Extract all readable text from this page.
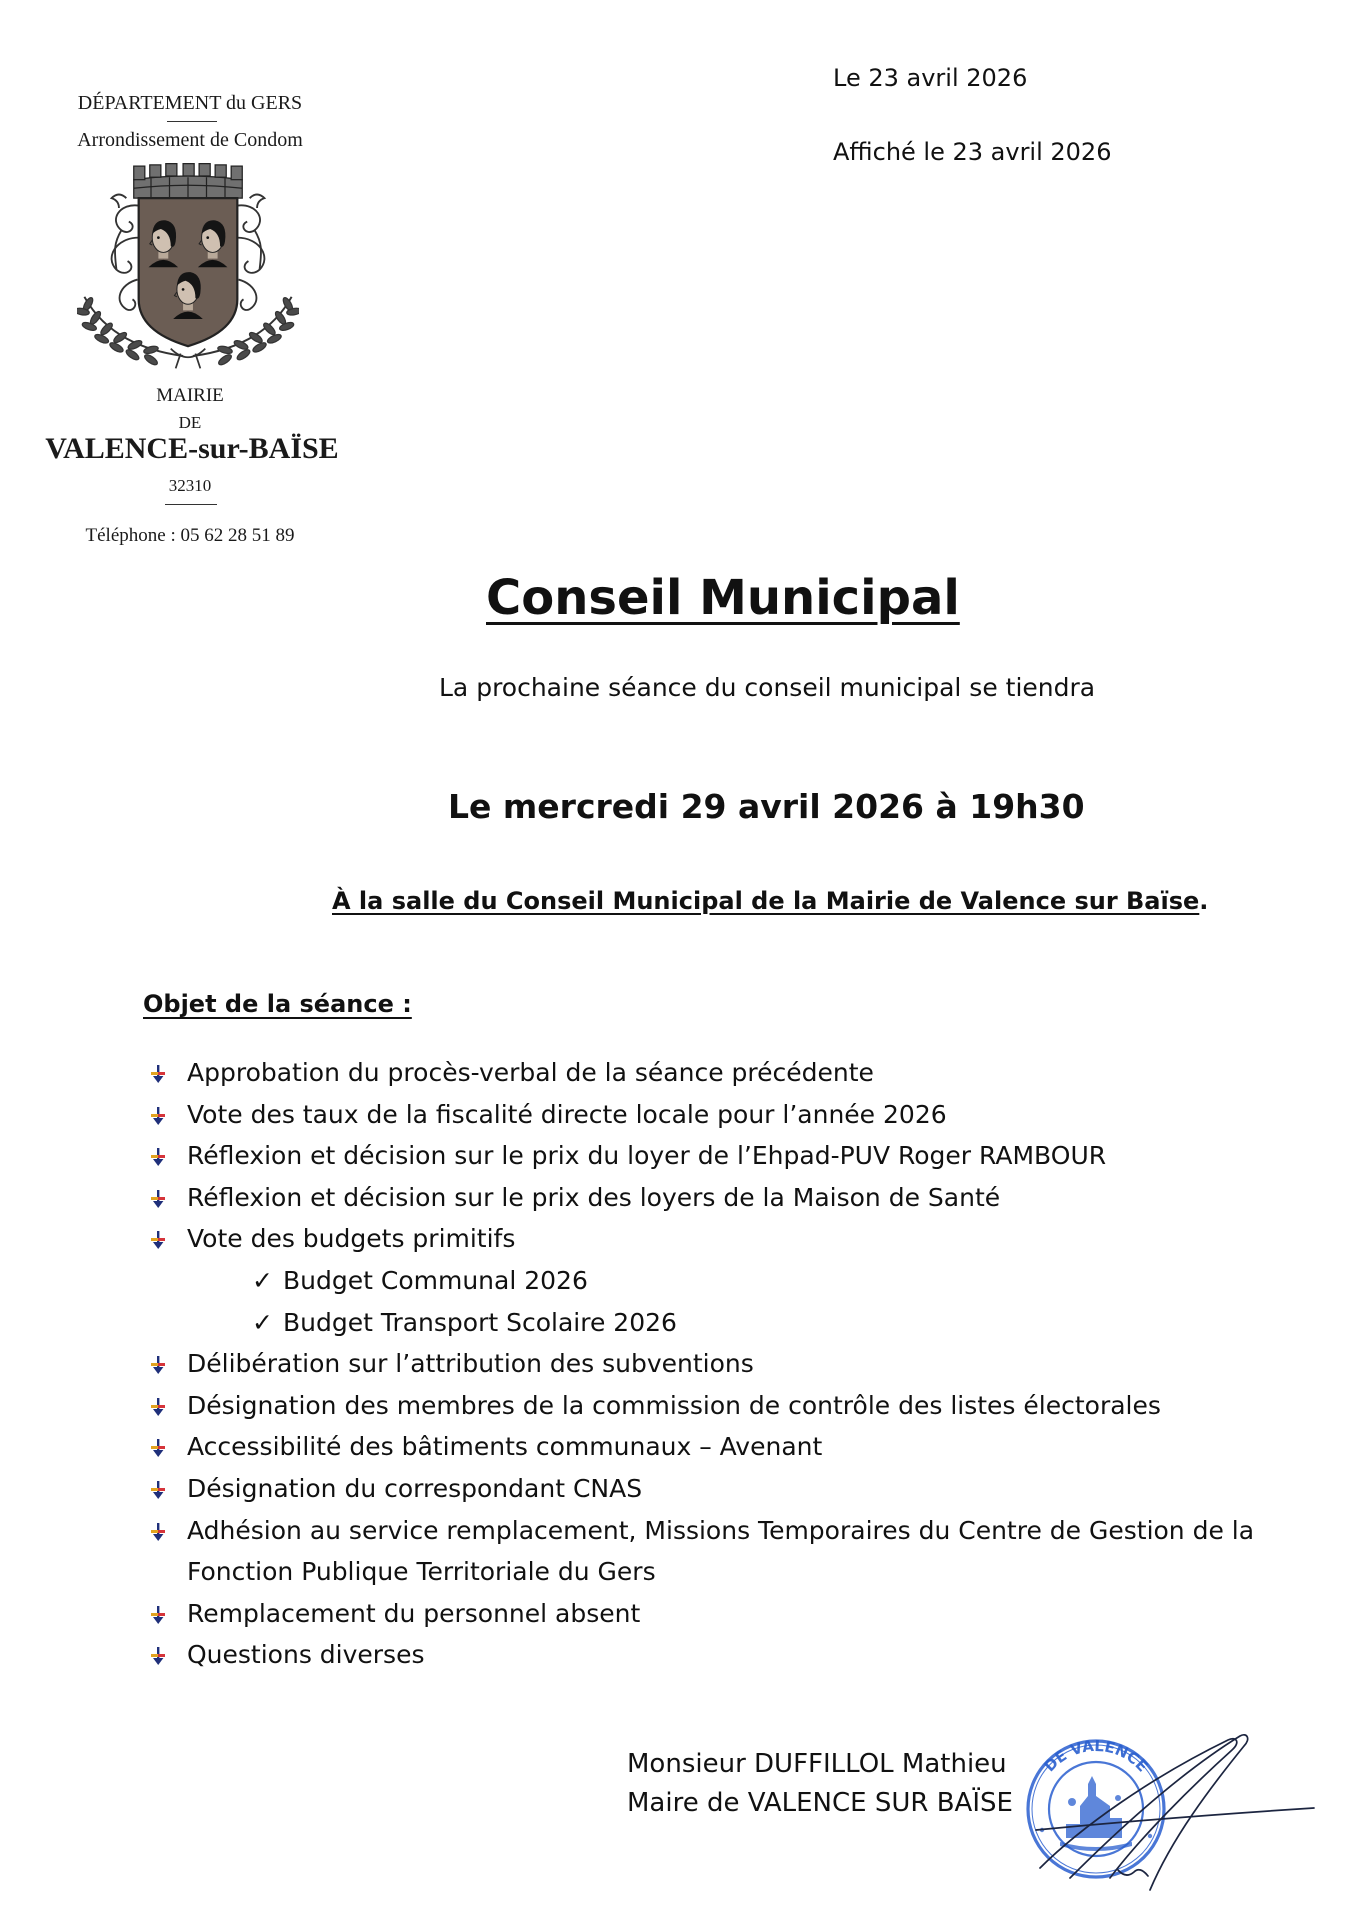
DÉPARTEMENT du GERS
Arrondissement de Condom
MAIRIE
DE
VALENCE-sur-BAÏSE
32310
Téléphone : 05 62 28 51 89
Le 23 avril 2026
Affiché le 23 avril 2026
Conseil Municipal
La prochaine séance du conseil municipal se tiendra
Le mercredi 29 avril 2026 à 19h30
À la salle du Conseil Municipal de la Mairie de Valence sur Baïse.
Objet de la séance :
Approbation du procès-verbal de la séance précédente
Vote des taux de la fiscalité directe locale pour l’année 2026
Réflexion et décision sur le prix du loyer de l’Ehpad-PUV Roger RAMBOUR
Réflexion et décision sur le prix des loyers de la Maison de Santé
Vote des budgets primitifs
✓ Budget Communal 2026
✓ Budget Transport Scolaire 2026
Délibération sur l’attribution des subventions
Désignation des membres de la commission de contrôle des listes électorales
Accessibilité des bâtiments communaux – Avenant
Désignation du correspondant CNAS
Adhésion au service remplacement, Missions Temporaires du Centre de Gestion de la Fonction Publique Territoriale du Gers
Remplacement du personnel absent
Questions diverses
Monsieur DUFFILLOL Mathieu
Maire de VALENCE SUR BAÏSE
DE VALENCE
